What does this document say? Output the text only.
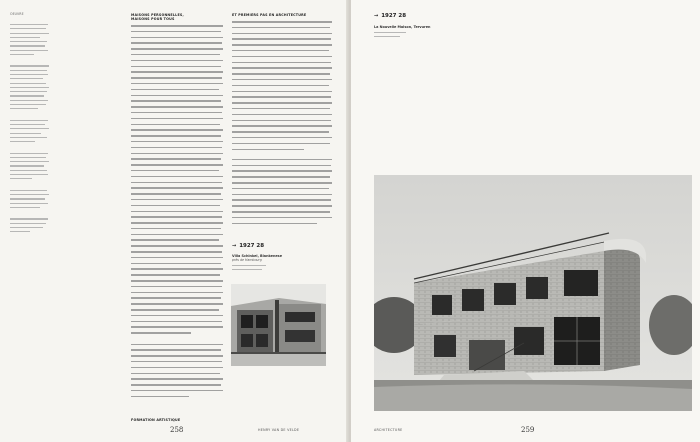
OEUVRE	MAISONS PERSONNELLES,
MAISONS POUR TOUS
FORMATION ARTISTIQUE
ET PREMIERS PAS EN ARCHITECTURE
→ 1927 28
Villa Schinkel, Blankenese
près de Hambourg
258	HENRY VAN DE VELDE
→ 1927 28
La Nouvelle Maison, Tervuren
ARCHITECTURE	259
